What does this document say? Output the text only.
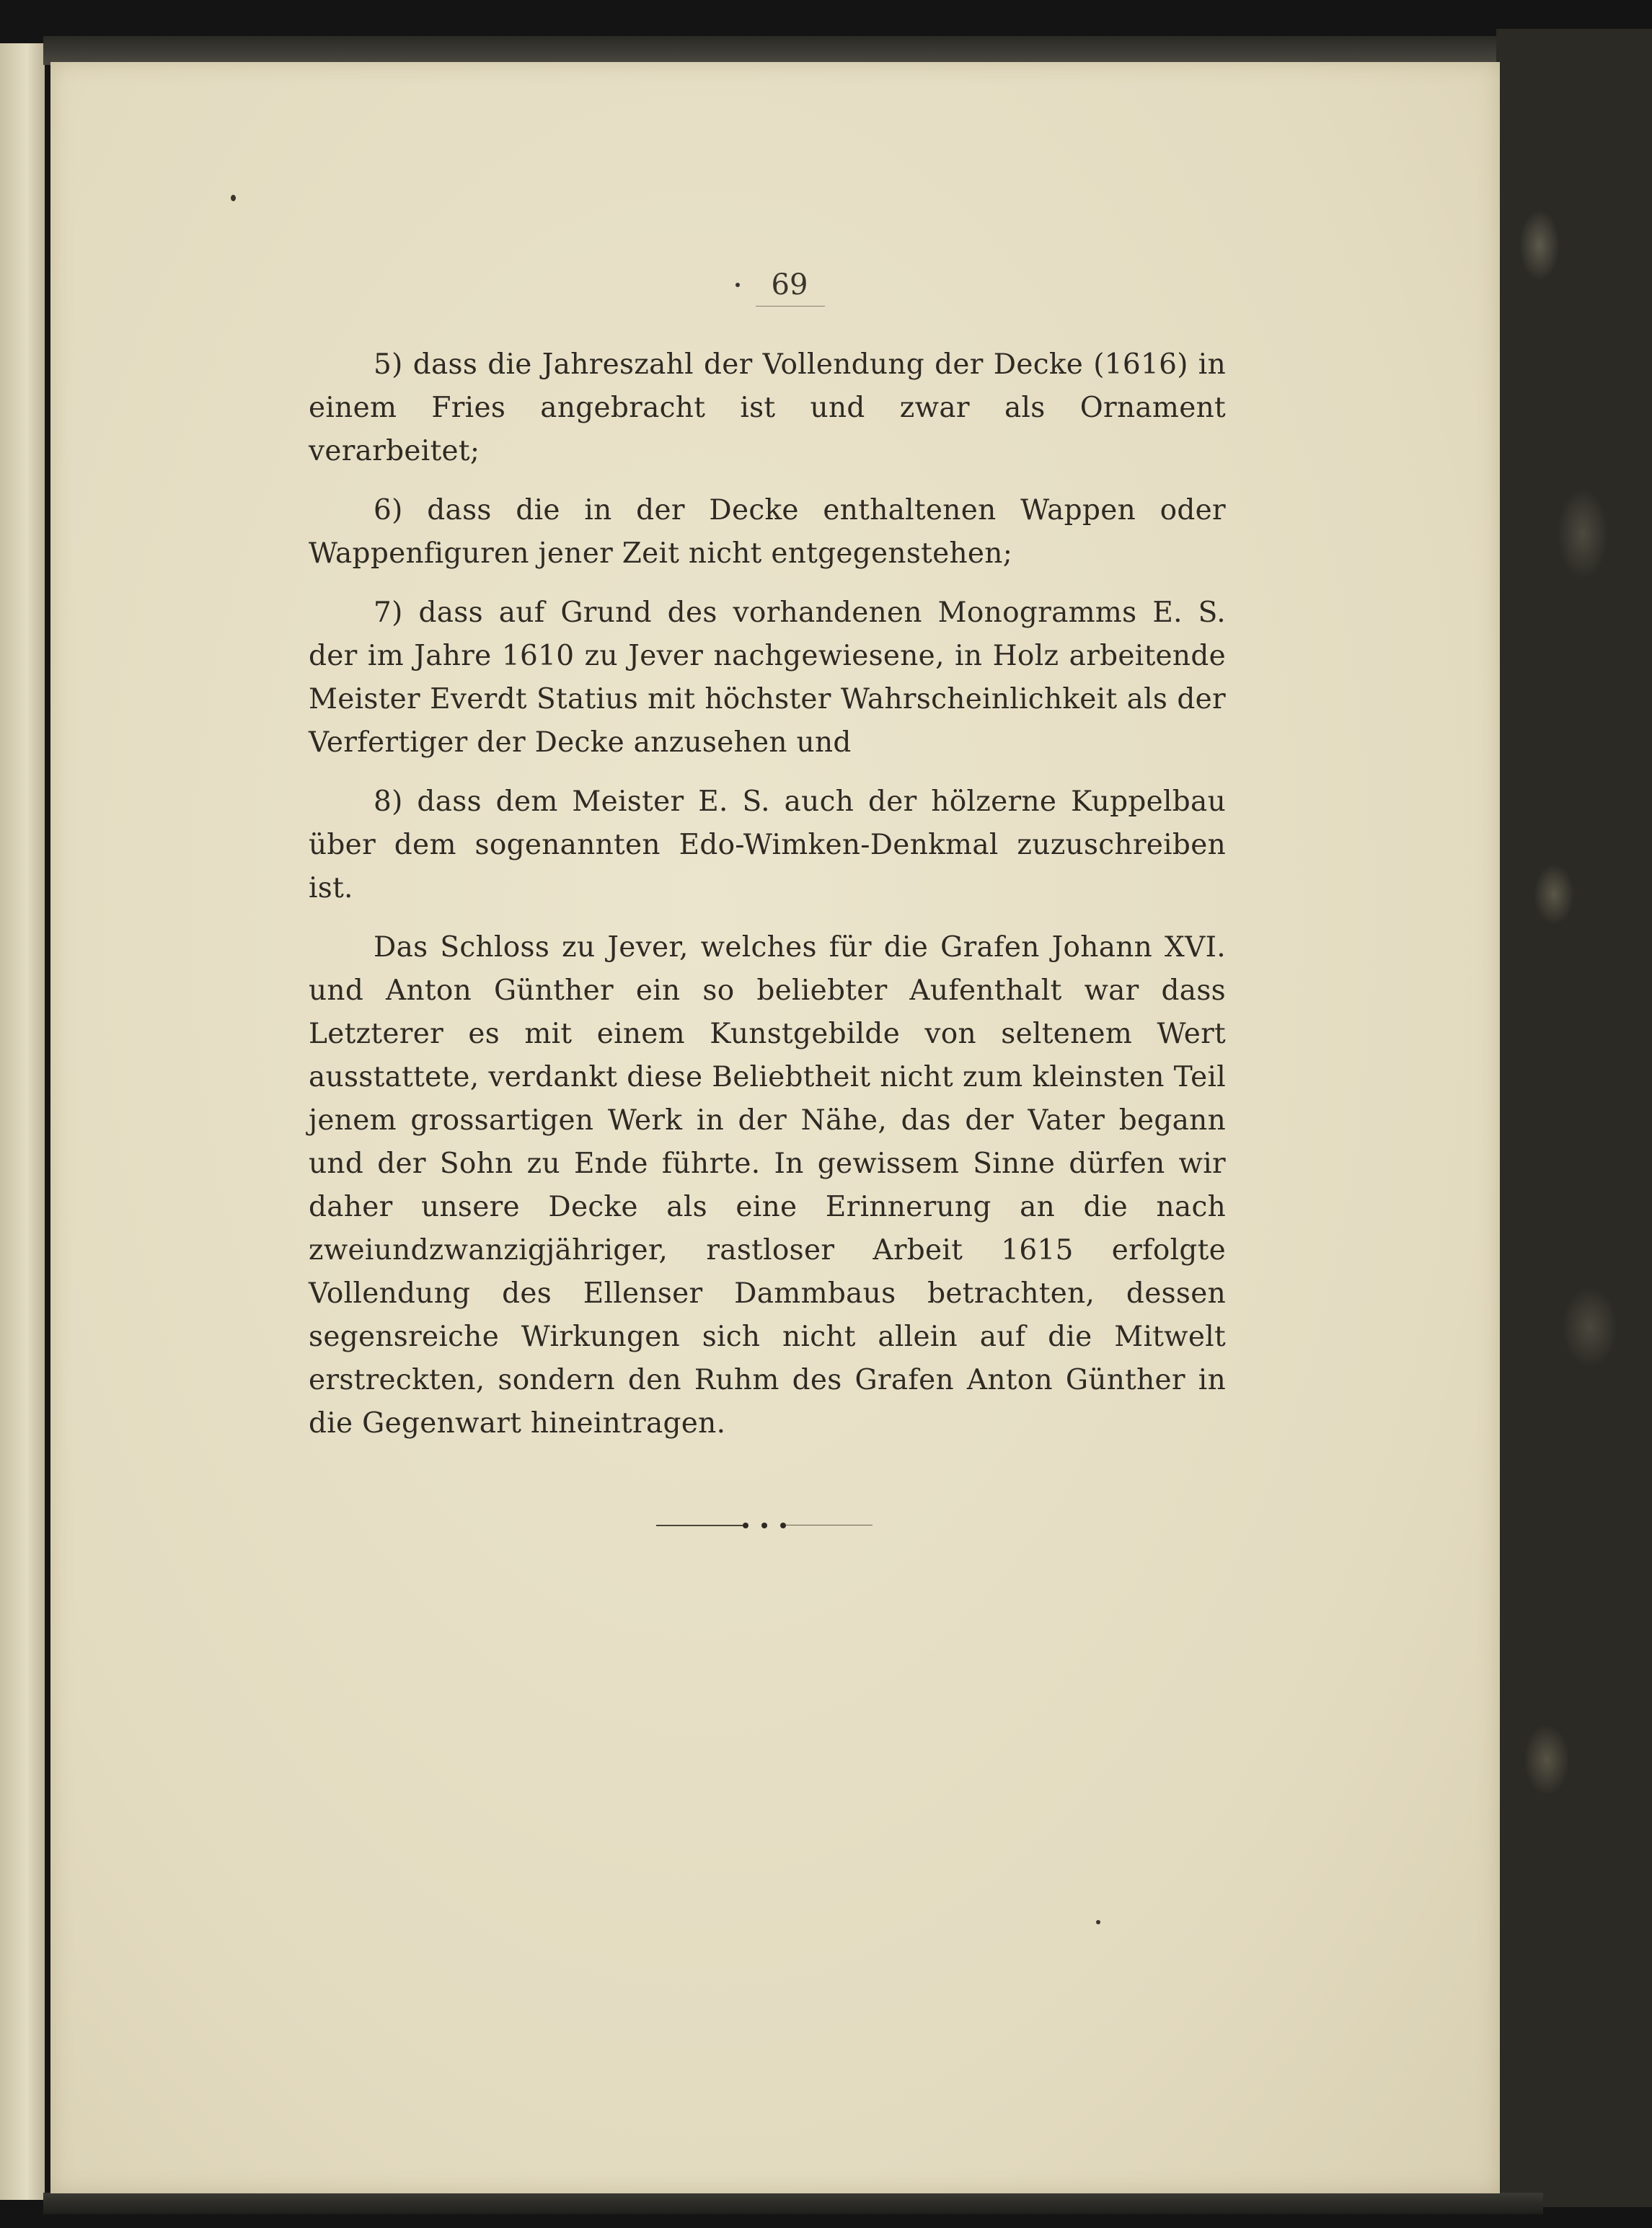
69

5) dass die Jahreszahl der Vollendung der Decke (1616) in einem Fries angebracht ist und zwar als Ornament verarbeitet;

6) dass die in der Decke enthaltenen Wappen oder Wappenfiguren jener Zeit nicht entgegenstehen;

7) dass auf Grund des vorhandenen Monogramms E. S. der im Jahre 1610 zu Jever nachgewiesene, in Holz arbeitende Meister Everdt Statius mit höchster Wahrscheinlichkeit als der Verfertiger der Decke anzusehen und

8) dass dem Meister E. S. auch der hölzerne Kuppelbau über dem sogenannten Edo-Wimken-Denkmal zuzuschreiben ist.

Das Schloss zu Jever, welches für die Grafen Johann XVI. und Anton Günther ein so beliebter Aufenthalt war dass Letzterer es mit einem Kunstgebilde von seltenem Wert ausstattete, verdankt diese Beliebtheit nicht zum kleinsten Teil jenem grossartigen Werk in der Nähe, das der Vater begann und der Sohn zu Ende führte. In gewissem Sinne dürfen wir daher unsere Decke als eine Erinnerung an die nach zweiundzwanzigjähriger, rastloser Arbeit 1615 erfolgte Vollendung des Ellenser Dammbaus betrachten, dessen segensreiche Wirkungen sich nicht allein auf die Mitwelt erstreckten, sondern den Ruhm des Grafen Anton Günther in die Gegenwart hineintragen.
